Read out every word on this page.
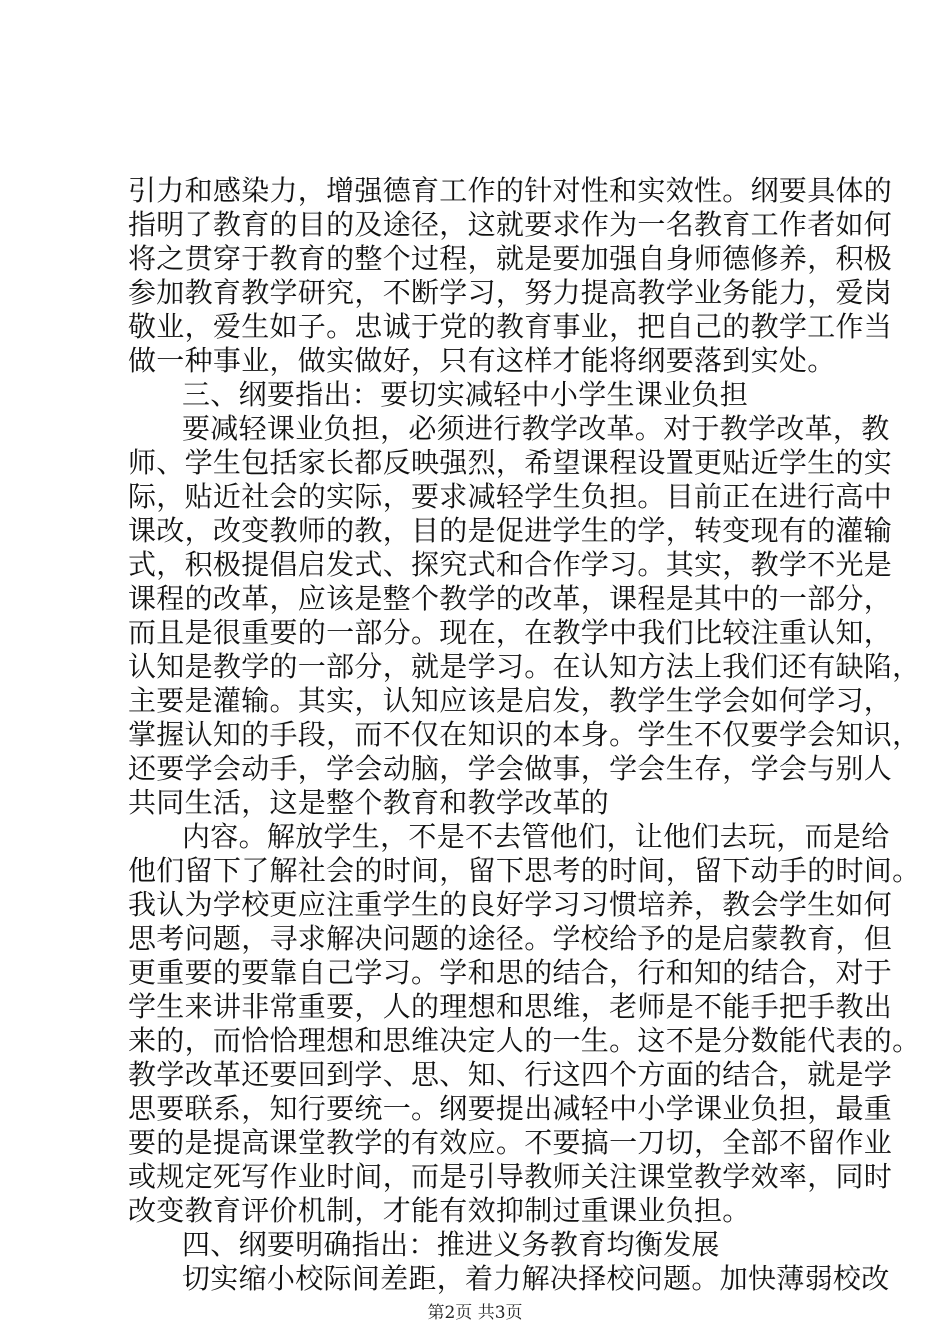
引力和感染力，增强德育工作的针对性和实效性。纲要具体的
指明了教育的目的及途径，这就要求作为一名教育工作者如何
将之贯穿于教育的整个过程，就是要加强自身师德修养，积极
参加教育教学研究，不断学习，努力提高教学业务能力，爱岗
敬业，爱生如子。忠诚于党的教育事业，把自己的教学工作当
做一种事业，做实做好，只有这样才能将纲要落到实处。
三、纲要指出：要切实减轻中小学生课业负担
要减轻课业负担，必须进行教学改革。对于教学改革，教
师、学生包括家长都反映强烈，希望课程设置更贴近学生的实
际，贴近社会的实际，要求减轻学生负担。目前正在进行高中
课改，改变教师的教，目的是促进学生的学，转变现有的灌输
式，积极提倡启发式、探究式和合作学习。其实，教学不光是
课程的改革，应该是整个教学的改革，课程是其中的一部分，
而且是很重要的一部分。现在，在教学中我们比较注重认知，
认知是教学的一部分，就是学习。在认知方法上我们还有缺陷，
主要是灌输。其实，认知应该是启发，教学生学会如何学习，
掌握认知的手段，而不仅在知识的本身。学生不仅要学会知识，
还要学会动手，学会动脑，学会做事，学会生存，学会与别人
共同生活，这是整个教育和教学改革的
内容。解放学生，不是不去管他们，让他们去玩，而是给
他们留下了解社会的时间，留下思考的时间，留下动手的时间。
我认为学校更应注重学生的良好学习习惯培养，教会学生如何
思考问题，寻求解决问题的途径。学校给予的是启蒙教育，但
更重要的要靠自己学习。学和思的结合，行和知的结合，对于
学生来讲非常重要，人的理想和思维，老师是不能手把手教出
来的，而恰恰理想和思维决定人的一生。这不是分数能代表的。
教学改革还要回到学、思、知、行这四个方面的结合，就是学
思要联系，知行要统一。纲要提出减轻中小学课业负担，最重
要的是提高课堂教学的有效应。不要搞一刀切，全部不留作业
或规定死写作业时间，而是引导教师关注课堂教学效率，同时
改变教育评价机制，才能有效抑制过重课业负担。
四、纲要明确指出：推进义务教育均衡发展
切实缩小校际间差距，着力解决择校问题。加快薄弱校改
第2页 共3页
